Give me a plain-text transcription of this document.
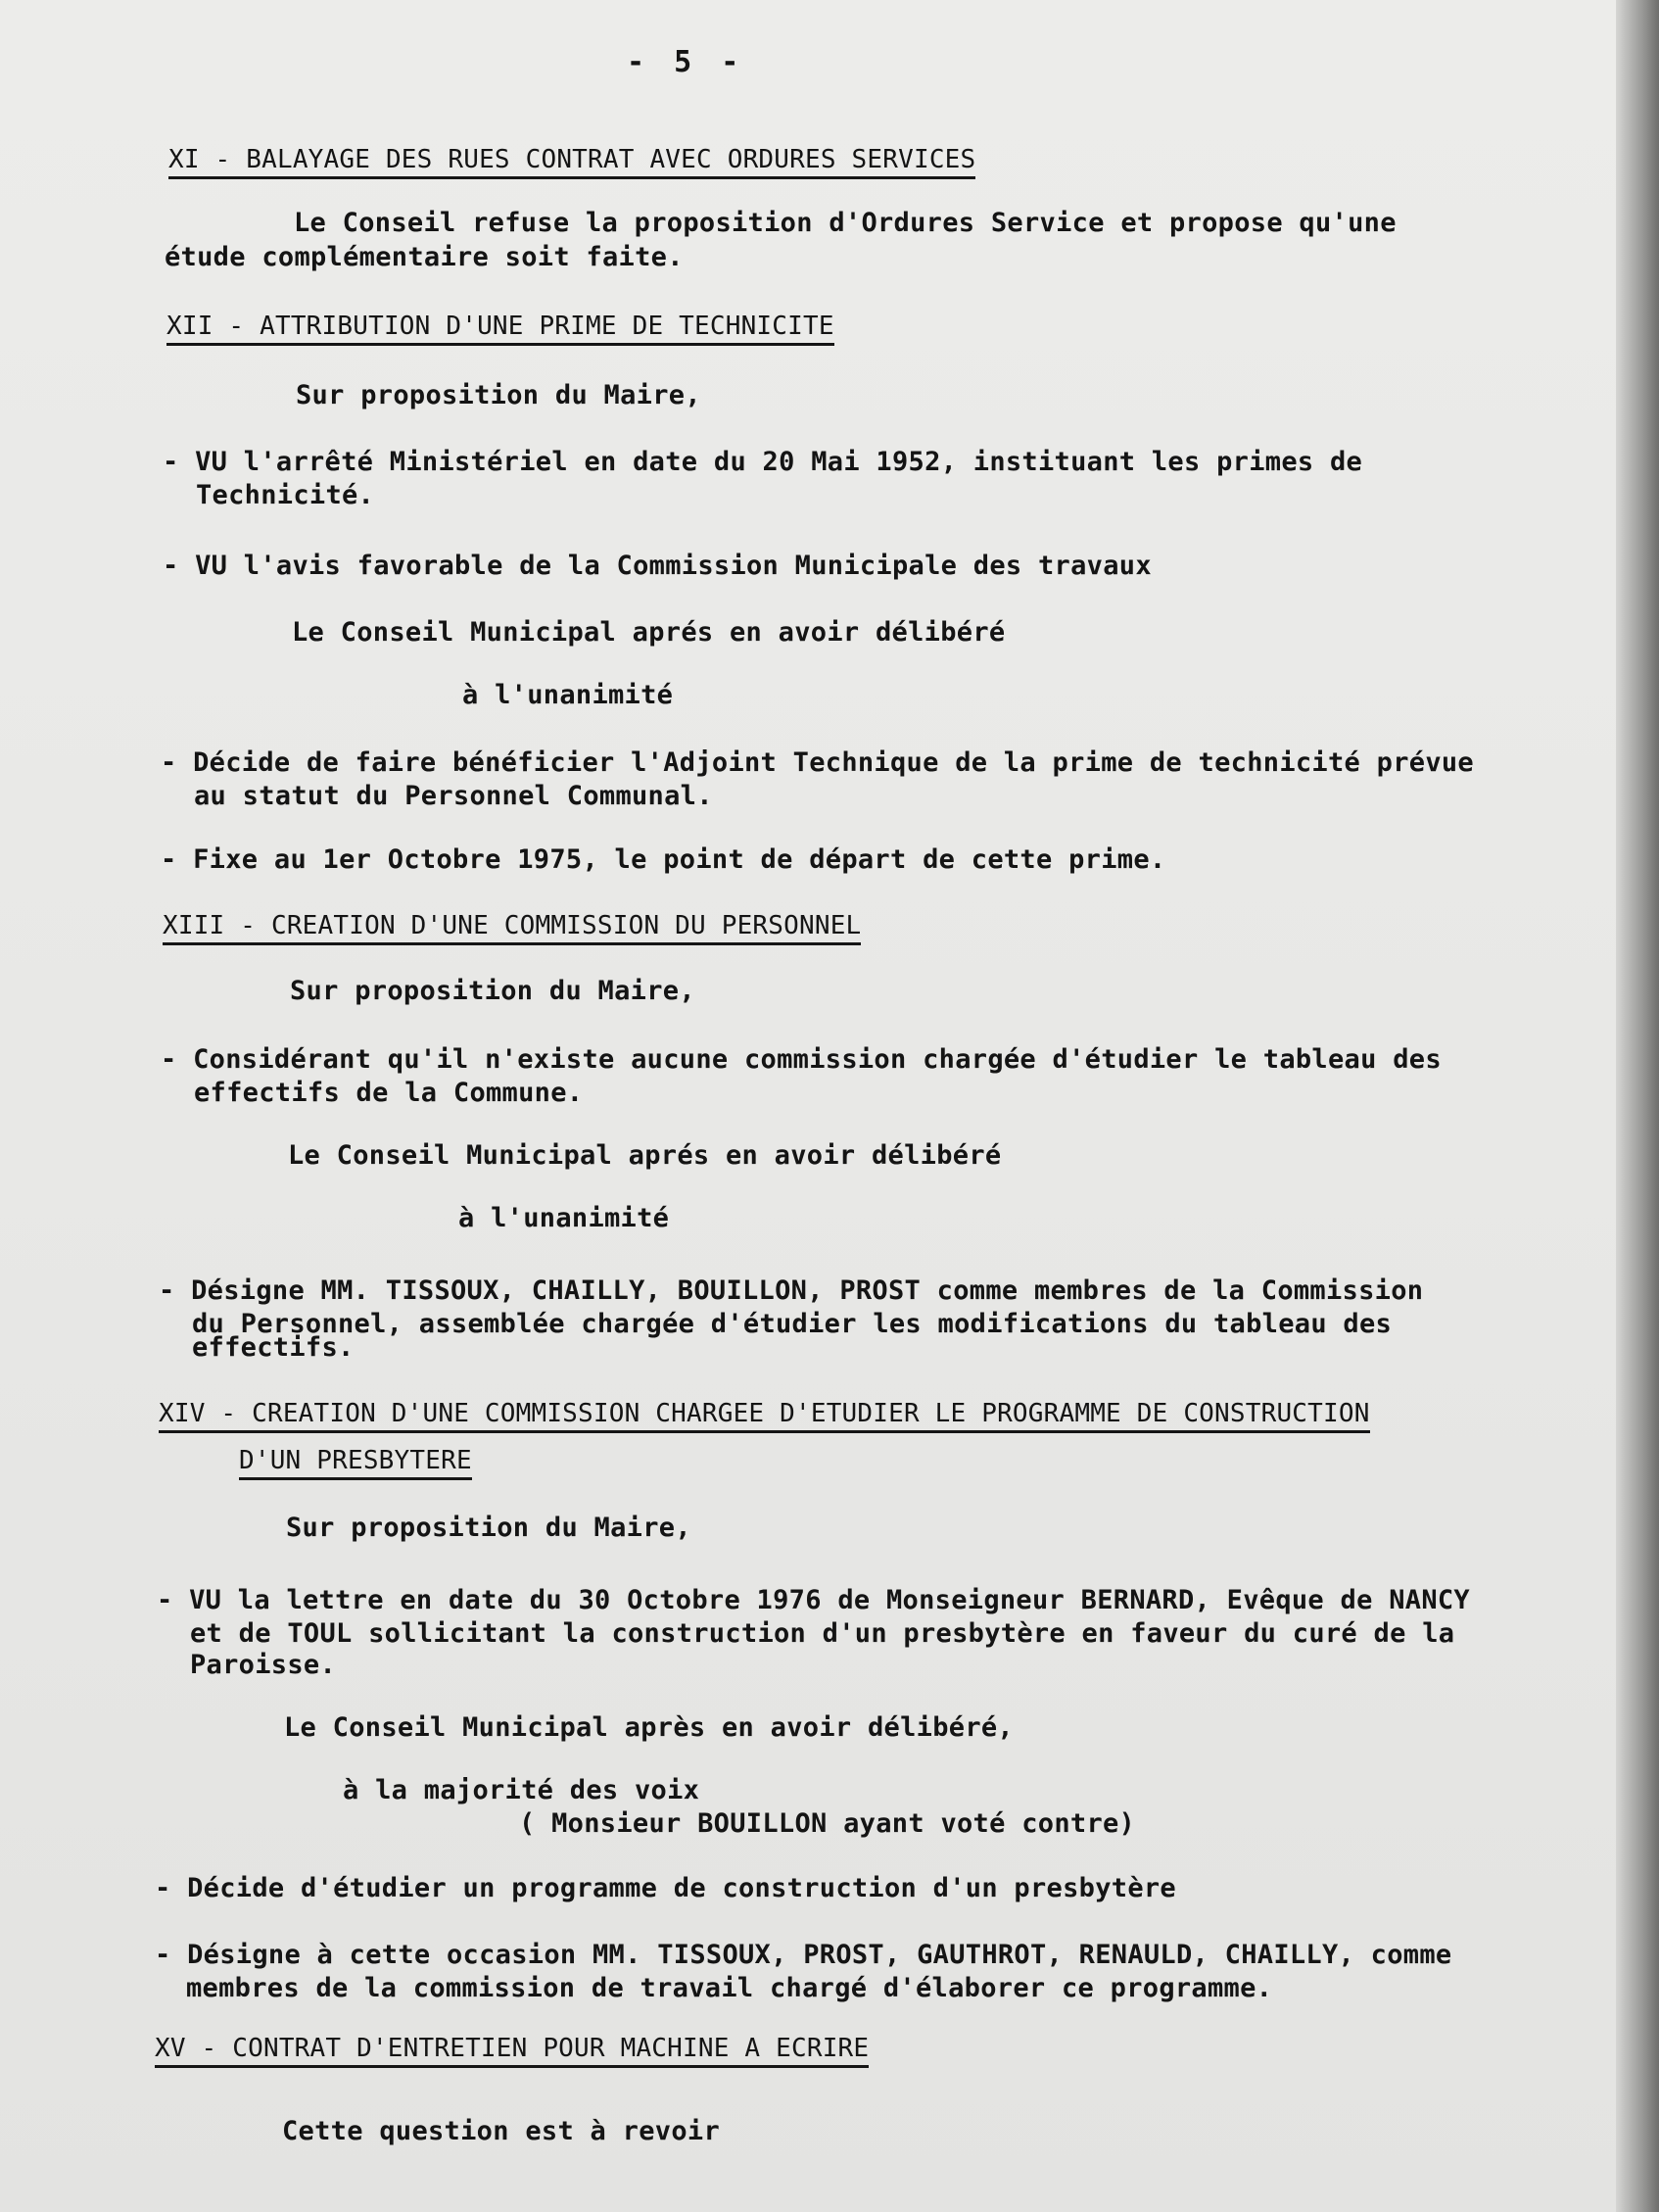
- 5 -
XI - BALAYAGE DES RUES CONTRAT AVEC ORDURES SERVICES
Le Conseil refuse la proposition d'Ordures Service et propose qu'une
étude complémentaire soit faite.
XII - ATTRIBUTION D'UNE PRIME DE TECHNICITE
Sur proposition du Maire,
- VU l'arrêté Ministériel en date du 20 Mai 1952, instituant les primes de
Technicité.
- VU l'avis favorable de la Commission Municipale des travaux
Le Conseil Municipal aprés en avoir délibéré
à l'unanimité
- Décide de faire bénéficier l'Adjoint Technique de la prime de technicité prévue
au statut du Personnel Communal.
- Fixe au 1er Octobre 1975, le point de départ de cette prime.
XIII - CREATION D'UNE COMMISSION DU PERSONNEL
Sur proposition du Maire,
- Considérant qu'il n'existe aucune commission chargée d'étudier le tableau des
effectifs de la Commune.
Le Conseil Municipal aprés en avoir délibéré
à l'unanimité
- Désigne MM. TISSOUX, CHAILLY, BOUILLON, PROST comme membres de la Commission
du Personnel, assemblée chargée d'étudier les modifications du tableau des
effectifs.
XIV - CREATION D'UNE COMMISSION CHARGEE D'ETUDIER LE PROGRAMME DE CONSTRUCTION
D'UN PRESBYTERE
Sur proposition du Maire,
- VU la lettre en date du 30 Octobre 1976 de Monseigneur BERNARD, Evêque de NANCY
et de TOUL sollicitant la construction d'un presbytère en faveur du curé de la
Paroisse.
Le Conseil Municipal après en avoir délibéré,
à la majorité des voix
( Monsieur BOUILLON ayant voté contre)
- Décide d'étudier un programme de construction d'un presbytère
- Désigne à cette occasion MM. TISSOUX, PROST, GAUTHROT, RENAULD, CHAILLY, comme
membres de la commission de travail chargé d'élaborer ce programme.
XV - CONTRAT D'ENTRETIEN POUR MACHINE A ECRIRE
Cette question est à revoir
